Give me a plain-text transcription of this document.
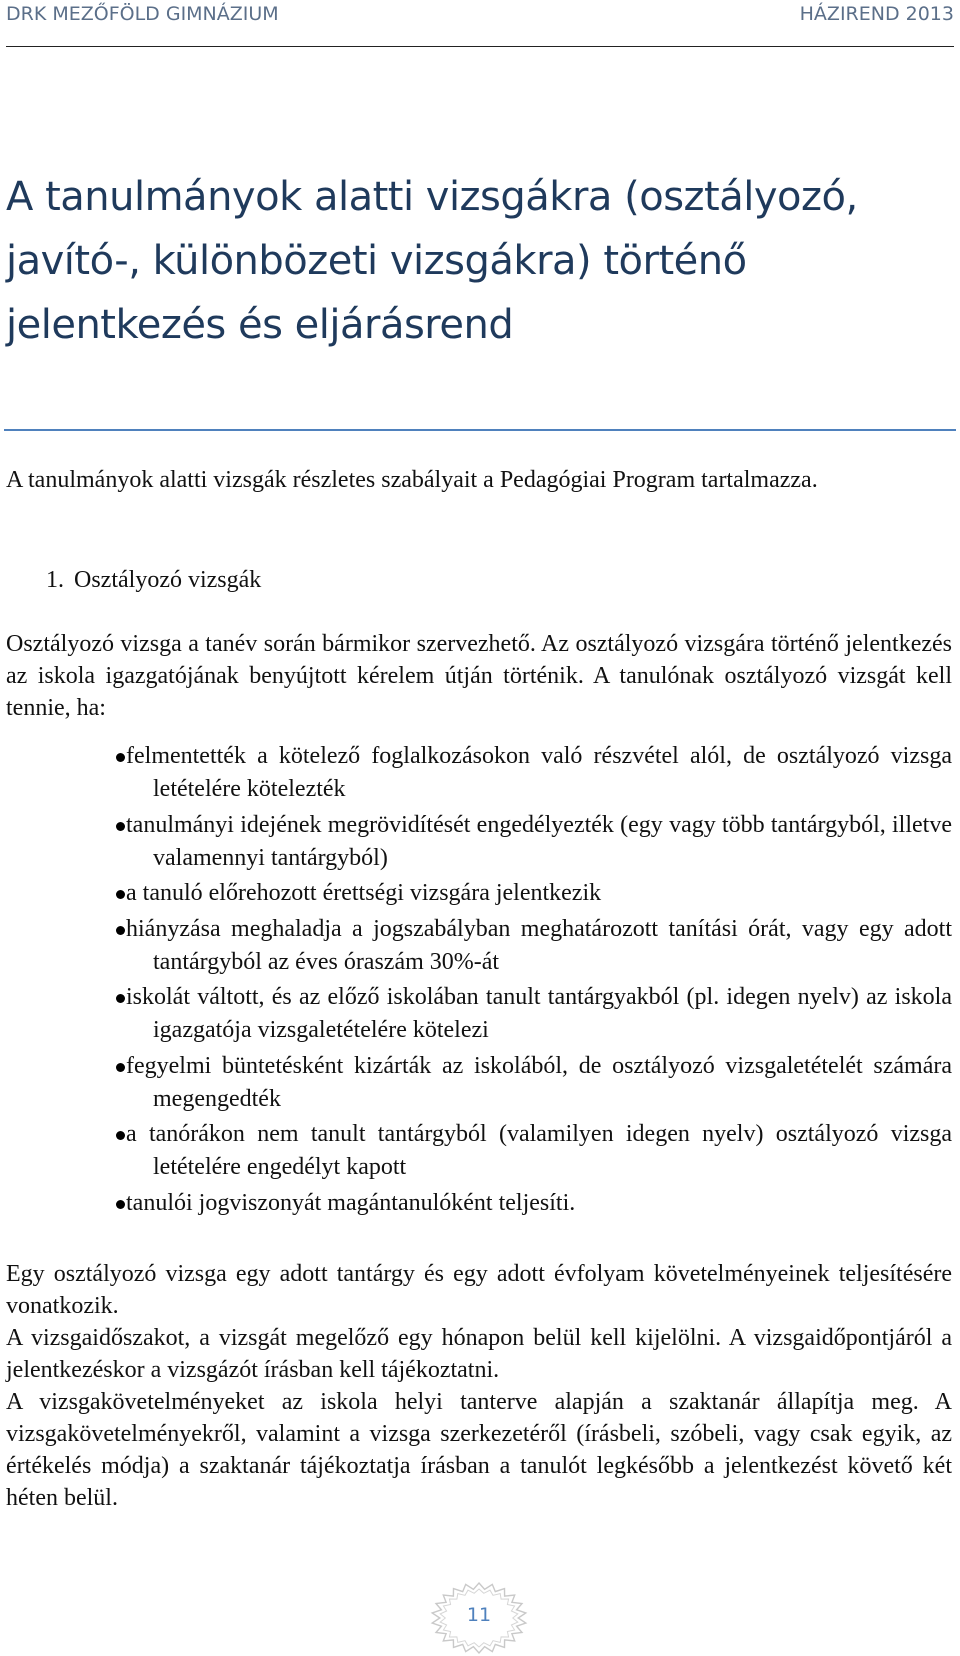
DRK MEZŐFÖLD GIMNÁZIUM	HÁZIREND 2013
A tanulmányok alatti vizsgákra (osztályozó, javító-, különbözeti vizsgákra) történő jelentkezés és eljárásrend

A tanulmányok alatti vizsgák részletes szabályait a Pedagógiai Program tartalmazza.

1. Osztályozó vizsgák

Osztályozó vizsga a tanév során bármikor szervezhető. Az osztályozó vizsgára történő jelentkezés az iskola igazgatójának benyújtott kérelem útján történik. A tanulónak osztályozó vizsgát kell tennie, ha:

felmentették a kötelező foglalkozásokon való részvétel alól, de osztályozó vizsga letételére kötelezték
tanulmányi idejének megrövidítését engedélyezték (egy vagy több tantárgyból, illetve valamennyi tantárgyból)
a tanuló előrehozott érettségi vizsgára jelentkezik
hiányzása meghaladja a jogszabályban meghatározott tanítási órát, vagy egy adott tantárgyból az éves óraszám 30%-át
iskolát váltott, és az előző iskolában tanult tantárgyakból (pl. idegen nyelv) az iskola igazgatója vizsgaletételére kötelezi
fegyelmi büntetésként kizárták az iskolából, de osztályozó vizsgaletételét számára megengedték
a tanórákon nem tanult tantárgyból (valamilyen idegen nyelv) osztályozó vizsga letételére engedélyt kapott
tanulói jogviszonyát magántanulóként teljesíti.

Egy osztályozó vizsga egy adott tantárgy és egy adott évfolyam követelményeinek teljesítésére vonatkozik.

A vizsgaidőszakot, a vizsgát megelőző egy hónapon belül kell kijelölni. A vizsgaidőpontjáról a jelentkezéskor a vizsgázót írásban kell tájékoztatni.

A vizsgakövetelményeket az iskola helyi tanterve alapján a szaktanár állapítja meg. A vizsgakövetelményekről, valamint a vizsga szerkezetéről (írásbeli, szóbeli, vagy csak egyik, az értékelés módja) a szaktanár tájékoztatja írásban a tanulót legkésőbb a jelentkezést követő két héten belül.

11
